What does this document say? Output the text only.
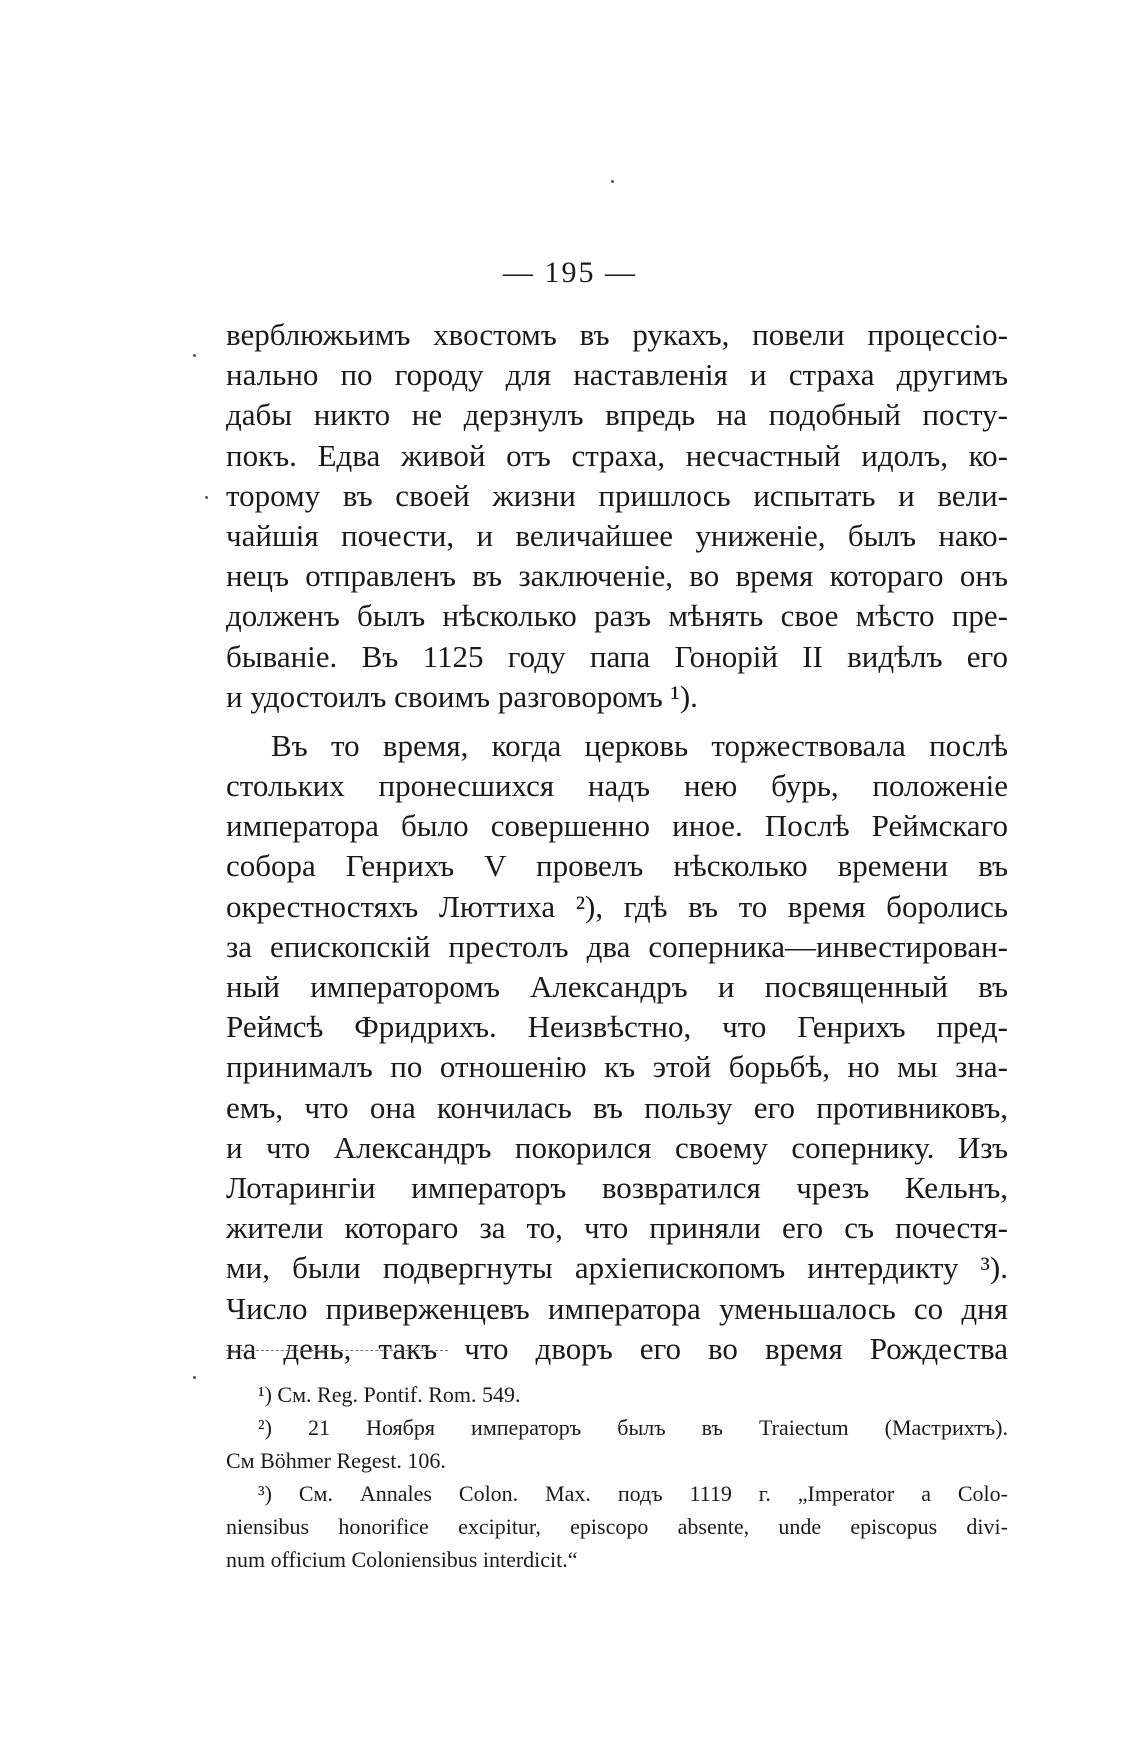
— 195 —
верблюжьимъ хвостомъ въ рукахъ, повели процессіо-
нально по городу для наставленія и страха другимъ
дабы никто не дерзнулъ впредь на подобный посту-
покъ. Едва живой отъ страха, несчастный идолъ, ко-
торому въ своей жизни пришлось испытать и вели-
чайшія почести, и величайшее униженіе, былъ нако-
нецъ отправленъ въ заключеніе, во время котораго онъ
долженъ былъ нѣсколько разъ мѣнять свое мѣсто пре-
быванiе. Въ 1125 году папа Гонорій II видѣлъ его
и удостоилъ своимъ разговоромъ ¹).
Въ то время, когда церковь торжествовала послѣ
стольких пронесшихся надъ нею бурь, положеніе
императора было совершенно иное. Послѣ Реймскаго
собора Генрихъ V провелъ нѣсколько времени въ
окрестностяхъ Люттиха ²), гдѣ въ то время боролись
за епископскій престолъ два соперника—инвестирован-
ный императоромъ Александръ и посвященный въ
Реймсѣ Фридрихъ. Неизвѣстно, что Генрихъ пред-
принималъ по отношенію къ этой борьбѣ, но мы зна-
емъ, что она кончилась въ пользу его противниковъ,
и что Александръ покорился своему сопернику. Изъ
Лотарингіи императоръ возвратился чрезъ Кельнъ,
жители котораго за то, что приняли его съ почестя-
ми, были подвергнуты архіепископомъ интердикту ³).
Число приверженцевъ императора уменьшалось со дня
на день, такъ что дворъ его во время Рождества
¹) См. Reg. Pontif. Rom. 549.
²) 21 Ноября императоръ былъ въ Traiectum (Мастрихтъ).
См Böhmer Regest. 106.
³) См. Annales Colon. Max. подъ 1119 г. „Imperator a Colo-
niensibus honorifice excipitur, episcopo absente, unde episcopus divi-
num officium Coloniensibus interdicit.“
